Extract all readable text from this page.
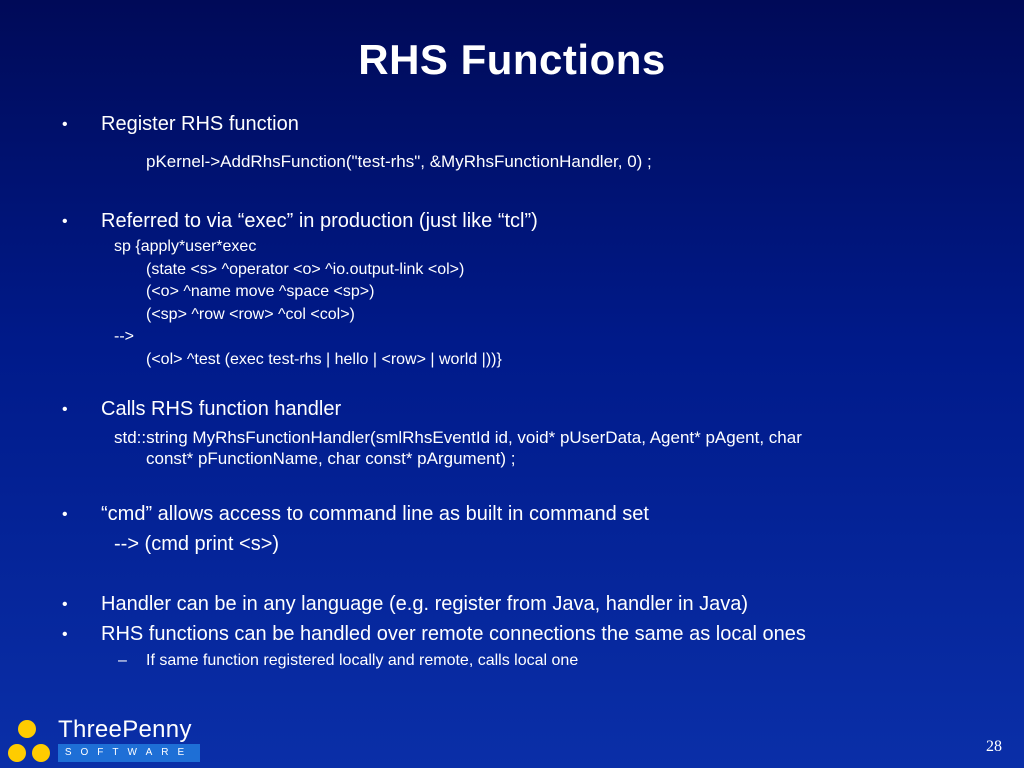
RHS Functions
• Register RHS function
pKernel->AddRhsFunction("test-rhs", &MyRhsFunctionHandler, 0) ;
• Referred to via “exec” in production (just like “tcl”)
sp {apply*user*exec
(state <s> ^operator <o> ^io.output-link <ol>)
(<o> ^name move ^space <sp>)
(<sp> ^row <row> ^col <col>)
-->
(<ol> ^test (exec test-rhs | hello | <row> | world |))}
• Calls RHS function handler
std::string MyRhsFunctionHandler(smlRhsEventId id, void* pUserData, Agent* pAgent, char
const* pFunctionName, char const* pArgument) ;
• “cmd” allows access to command line as built in command set
--> (cmd print <s>)
• Handler can be in any language (e.g. register from Java, handler in Java)
• RHS functions can be handled over remote connections the same as local ones
– If same function registered locally and remote, calls local one
ThreePenny
SOFTWARE	28
